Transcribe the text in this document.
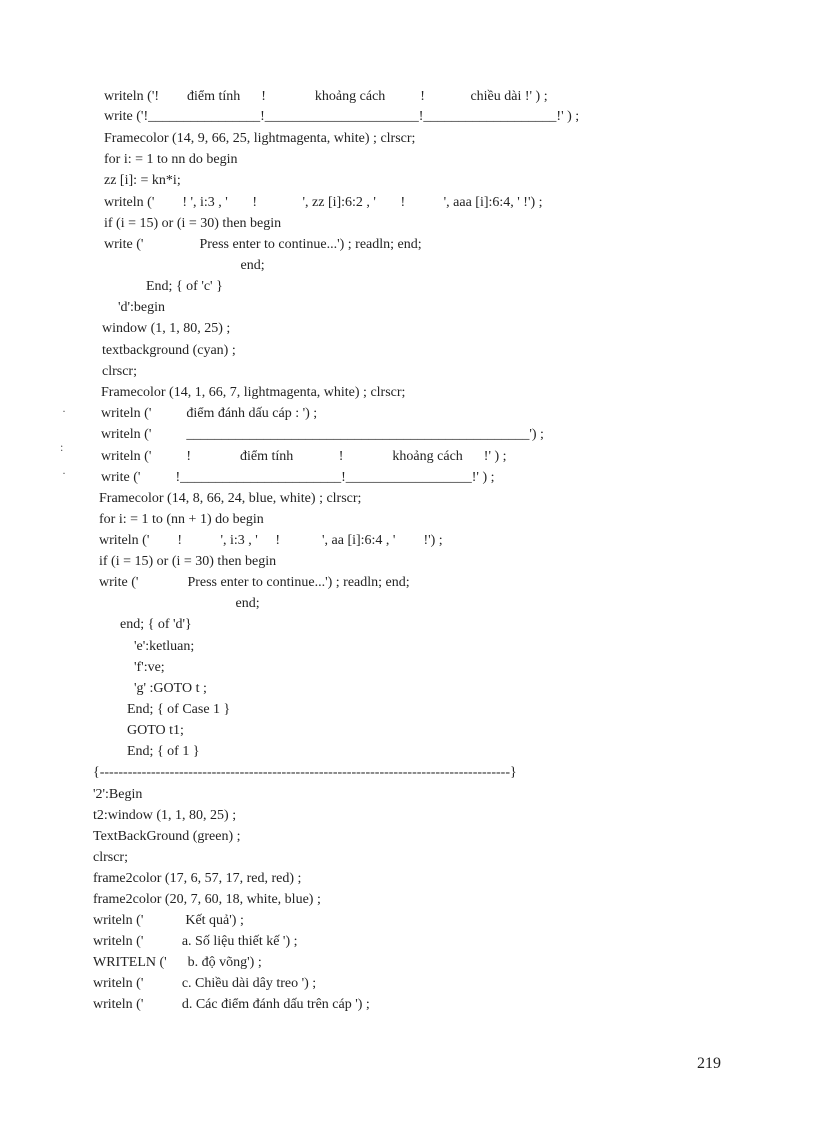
writeln ('!        điểm tính      !              khoảng cách          !             chiều dài !' ) ;
write ('!________________!______________________!___________________!' ) ;
Framecolor (14, 9, 66, 25, lightmagenta, white) ; clrscr;
for i: = 1 to nn do begin
zz [i]: = kn*i;
writeln ('        ! ', i:3 , '       !             ', zz [i]:6:2 , '       !           ', aaa [i]:6:4, ' !') ;
if (i = 15) or (i = 30) then begin
write ('                Press enter to continue...') ; readln; end;
end;
End; { of 'c' }
'd':begin
window (1, 1, 80, 25) ;
textbackground (cyan) ;
clrscr;
Framecolor (14, 1, 66, 7, lightmagenta, white) ; clrscr;
writeln ('          điểm đánh dấu cáp : ') ;
writeln ('          _________________________________________________') ;
writeln ('          !              điểm tính             !              khoảng cách      !' ) ;
write ('          !_______________________!__________________!' ) ;
Framecolor (14, 8, 66, 24, blue, white) ; clrscr;
for i: = 1 to (nn + 1) do begin
writeln ('        !           ', i:3 , '     !            ', aa [i]:6:4 , '        !') ;
if (i = 15) or (i = 30) then begin
write ('              Press enter to continue...') ; readln; end;
end;
end; { of 'd'}
'e':ketluan;
'f':ve;
'g' :GOTO t ;
End; { of Case 1 }
GOTO t1;
End; { of 1 }
{----------------------------------------------------------------------------------------}
'2':Begin
t2:window (1, 1, 80, 25) ;
TextBackGround (green) ;
clrscr;
frame2color (17, 6, 57, 17, red, red) ;
frame2color (20, 7, 60, 18, white, blue) ;
writeln ('            Kết quả') ;
writeln ('           a. Số liệu thiết kế ') ;
WRITELN ('      b. độ võng') ;
writeln ('           c. Chiều dài dây treo ') ;
writeln ('           d. Các điểm đánh dấu trên cáp ') ;
·
:
·
219
